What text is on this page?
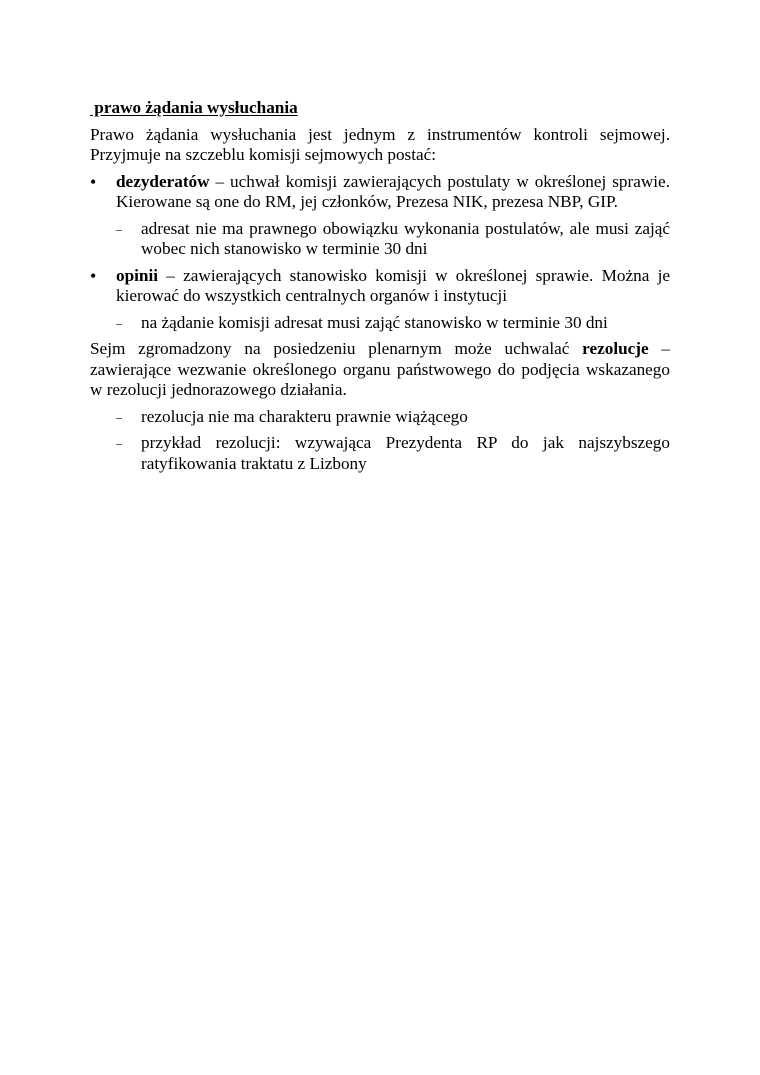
prawo żądania wysłuchania

Prawo żądania wysłuchania jest jednym z instrumentów kontroli sejmowej. Przyjmuje na szczeblu komisji sejmowych postać:

• dezyderatów – uchwał komisji zawierających postulaty w określonej sprawie. Kierowane są one do RM, jej członków, Prezesa NIK, prezesa NBP, GIP.
– adresat nie ma prawnego obowiązku wykonania postulatów, ale musi zająć wobec nich stanowisko w terminie 30 dni
• opinii – zawierających stanowisko komisji w określonej sprawie. Można je kierować do wszystkich centralnych organów i instytucji
– na żądanie komisji adresat musi zająć stanowisko w terminie 30 dni

Sejm zgromadzony na posiedzeniu plenarnym może uchwalać rezolucje – zawierające wezwanie określonego organu państwowego do podjęcia wskazanego w rezolucji jednorazowego działania.

– rezolucja nie ma charakteru prawnie wiążącego
– przykład rezolucji: wzywająca Prezydenta RP do jak najszybszego ratyfikowania traktatu z Lizbony
